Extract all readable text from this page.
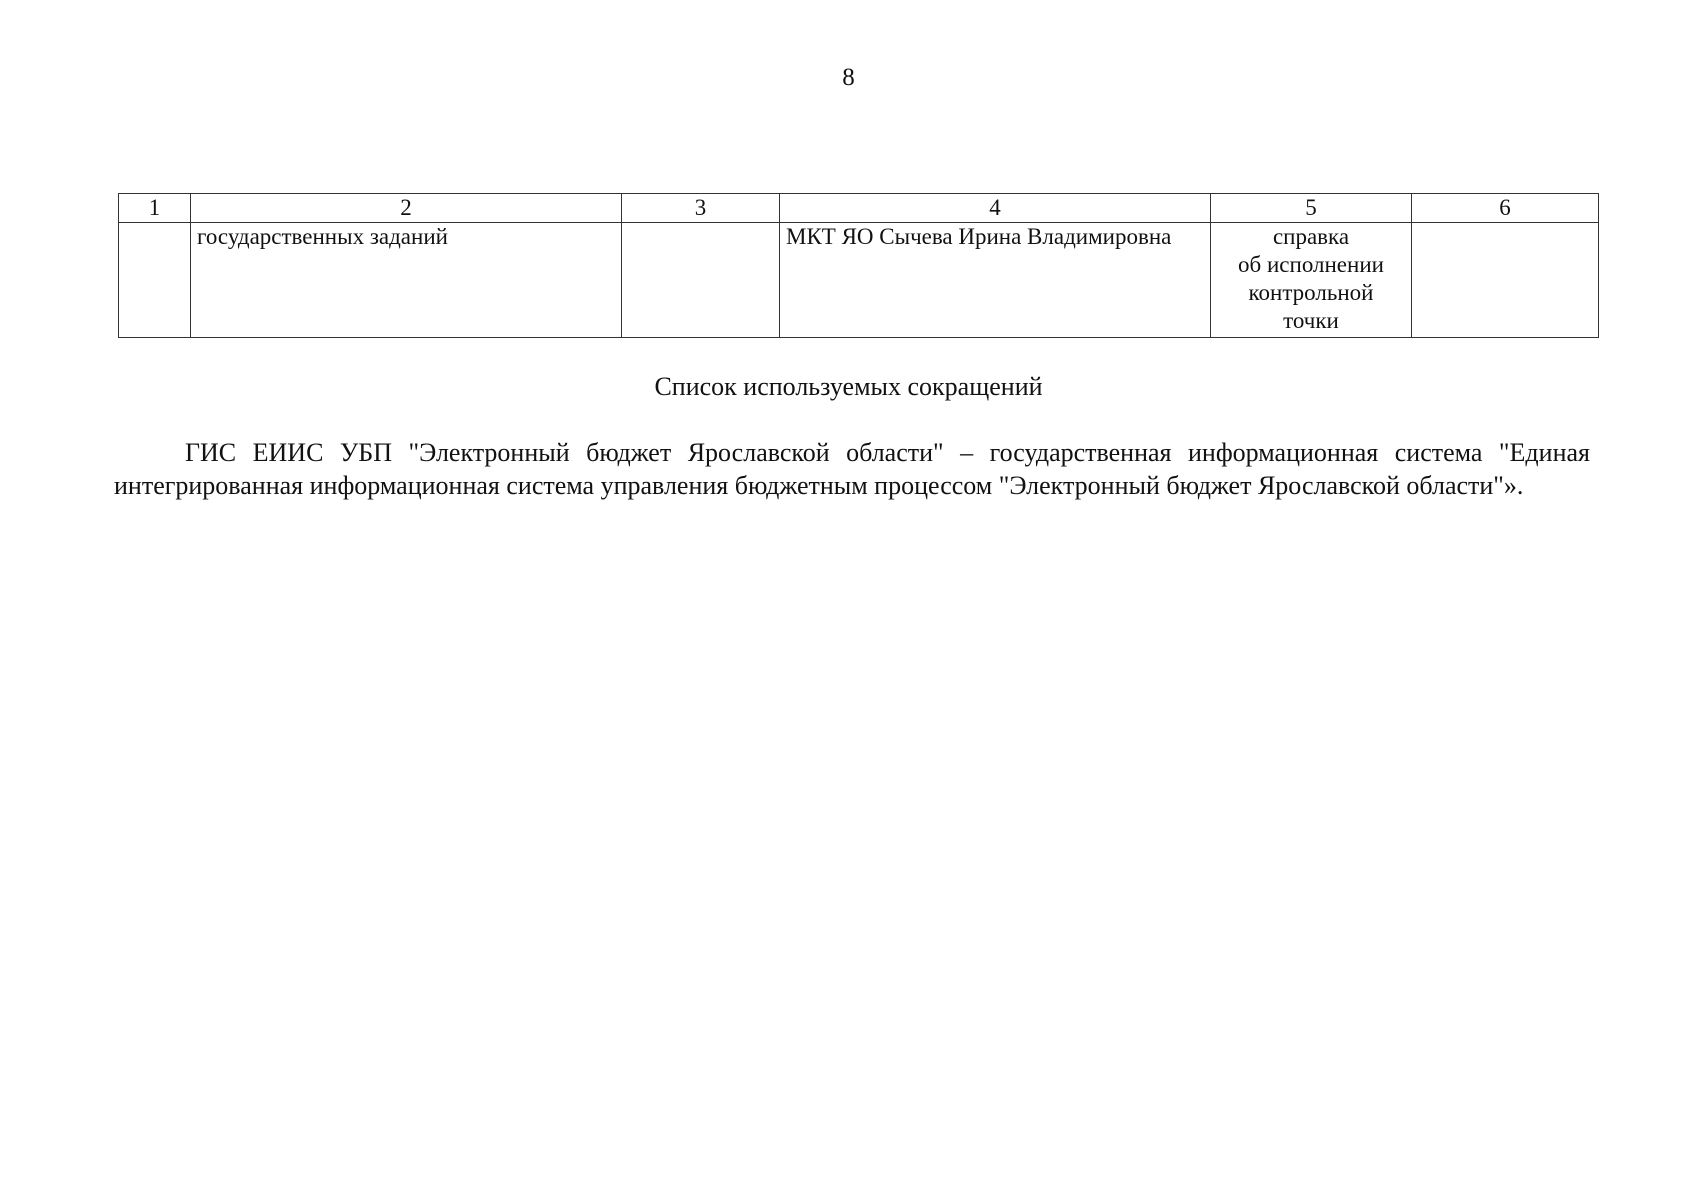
8
1	2	3	4	5	6
	государственных заданий		МКТ ЯО Сычева Ирина Владимировна	справка
об исполнении
контрольной
точки	
Список используемых сокращений
ГИС ЕИИС УБП "Электронный бюджет Ярославской области" – государственная информационная система "Единая интегрированная информационная система управления бюджетным процессом "Электронный бюджет Ярославской области"».
